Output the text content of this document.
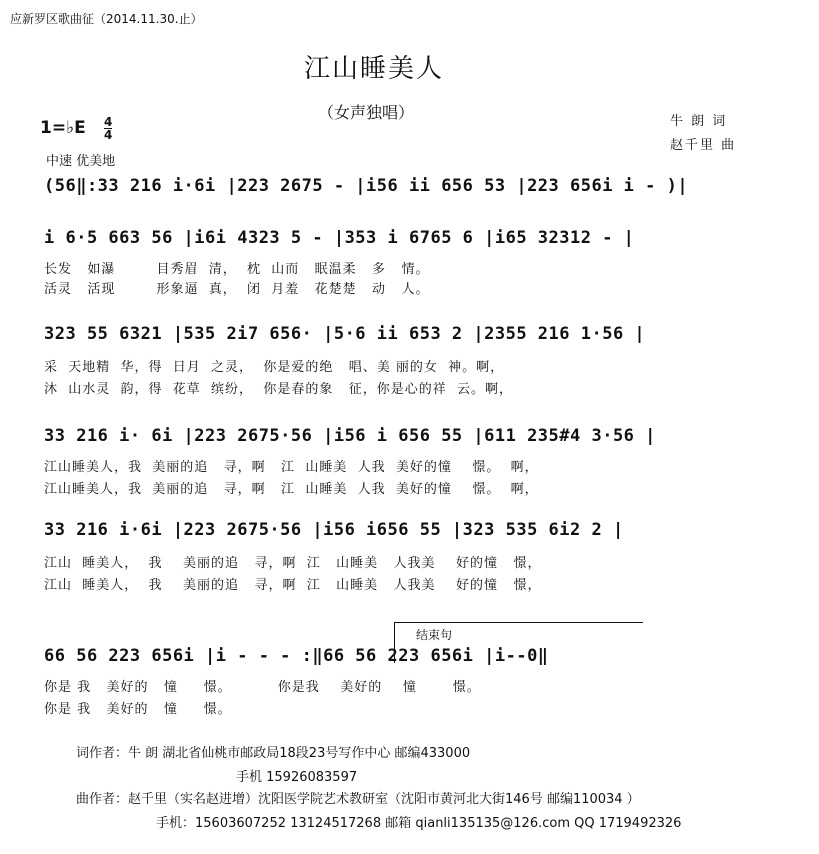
应新罗区歌曲征（2014.11.30.止）
江山睡美人
（女声独唱）	牛 朗 词
赵千里 曲
1=♭E 4
4
中速 优美地
(56‖:33 216 i·6i |223 2675 - |i56 ii 656 53 |223 656i i - )|
i 6·5 663 56 |i6i 4323 5 - |353 i 6765 6 |i65 32312 - |
长发   如瀑        目秀眉  清，  枕  山而   眠温柔   多   情。
活灵   活现        形象逼  真，  闭  月羞   花楚楚   动   人。
323 55 6321 |535 2i7 656· |5·6 ii 653 2 |2355 216 1·56 |
采  天地精  华，得  日月  之灵，  你是爱的绝   唱、美 丽的女  神。啊，
沐  山水灵  韵，得  花草  缤纷，  你是春的象   征，你是心的祥  云。啊，
33 216 i· 6i |223 2675·56 |i56 i 656 55 |611 235#4 3·56 |
江山睡美人，我  美丽的追   寻，啊   江  山睡美  人我  美好的憧    憬。  啊，
江山睡美人，我  美丽的追   寻，啊   江  山睡美  人我  美好的憧    憬。  啊，
33 216 i·6i |223 2675·56 |i56 i656 55 |323 535 6i2 2 |
江山  睡美人，  我    美丽的追   寻，啊  江   山睡美   人我美    好的憧   憬，
江山  睡美人，  我    美丽的追   寻，啊  江   山睡美   人我美    好的憧   憬，
结束句
66 56 223 656i |i - - - :‖66 56 223 656i |i--0‖
你是 我   美好的   憧     憬。         你是我    美好的    憧       憬。
你是 我   美好的   憧     憬。
词作者：牛 朗 湖北省仙桃市邮政局18段23号写作中心 邮编433000
手机 15926083597
曲作者：赵千里（实名赵进增）沈阳医学院艺术教研室（沈阳市黄河北大街146号 邮编110034 ）
手机：15603607252 13124517268 邮箱 qianli135135@126.com QQ 1719492326
